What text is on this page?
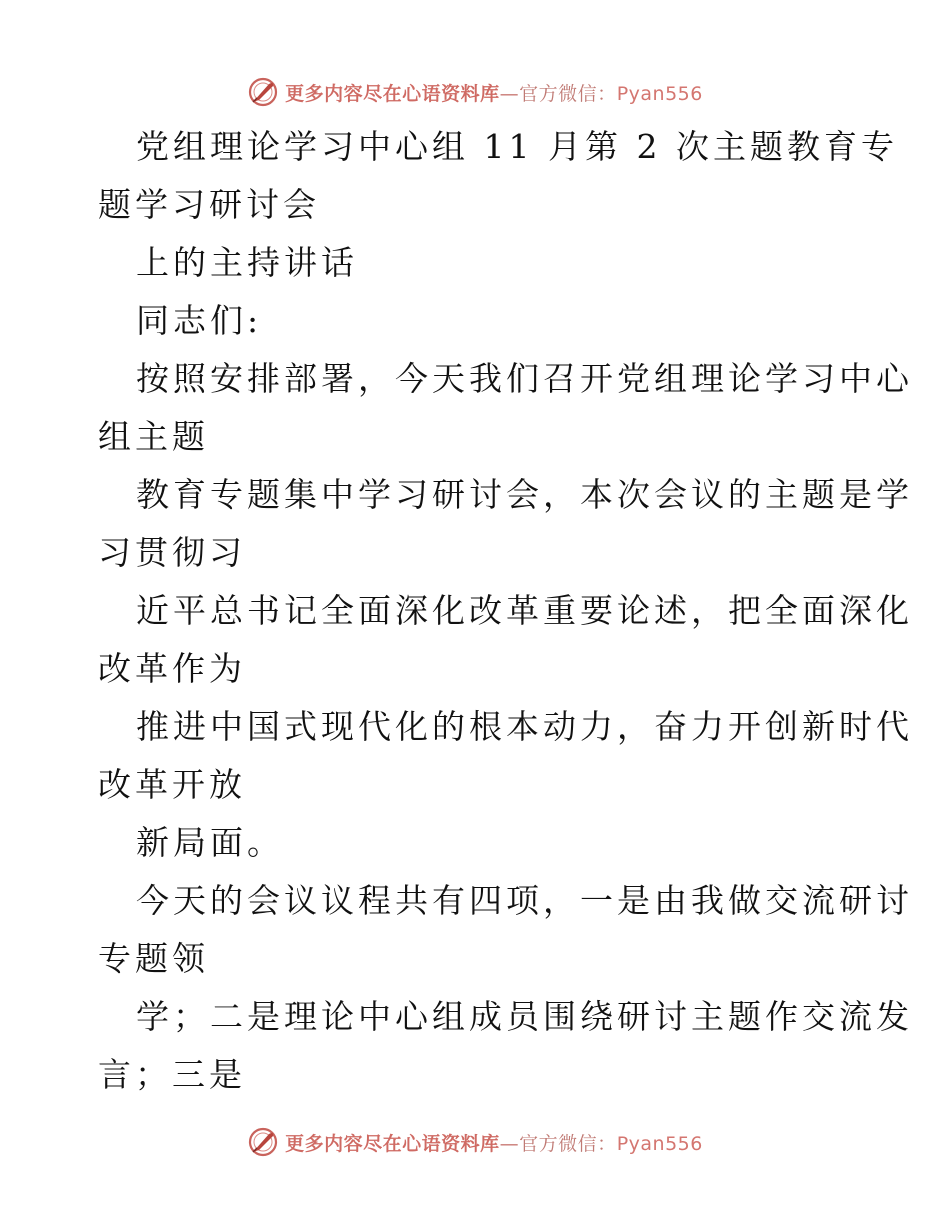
更多内容尽在心语资料库—官方微信：Pyan556
党组理论学习中心组 11 月第 2 次主题教育专
题学习研讨会
上的主持讲话
同志们:
按照安排部署，今天我们召开党组理论学习中心
组主题
教育专题集中学习研讨会，本次会议的主题是学
习贯彻习
近平总书记全面深化改革重要论述，把全面深化
改革作为
推进中国式现代化的根本动力，奋力开创新时代
改革开放
新局面。
今天的会议议程共有四项，一是由我做交流研讨
专题领
学；二是理论中心组成员围绕研讨主题作交流发
言；三是
更多内容尽在心语资料库—官方微信：Pyan556
